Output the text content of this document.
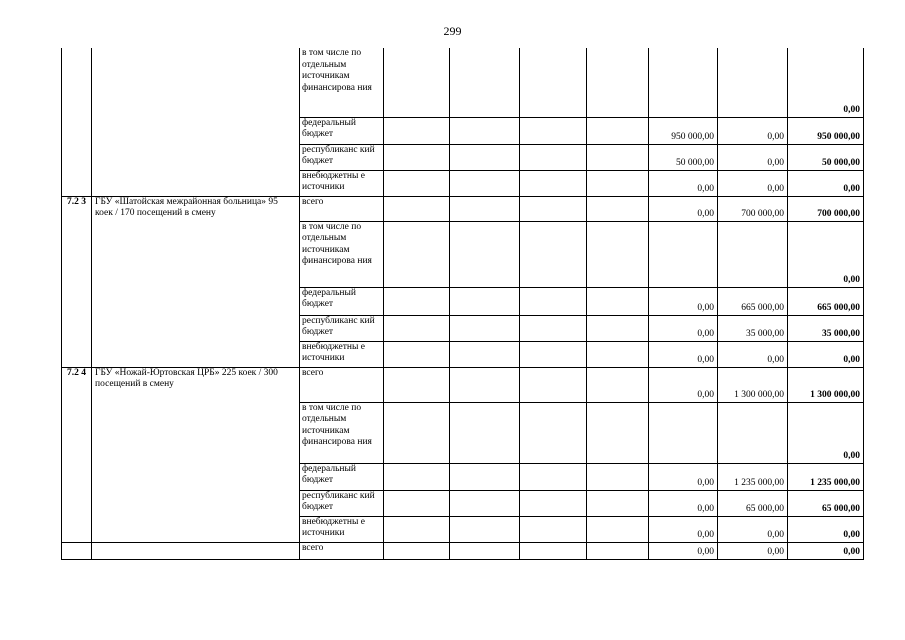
299
		в том числе по отдельным источникам финансирова ния							0,00
		федеральный бюджет					950 000,00	0,00	950 000,00
		республиканс кий бюджет					50 000,00	0,00	50 000,00
		внебюджетны е источники					0,00	0,00	0,00
7.2 3	ГБУ «Шатойская межрайонная больница» 95 коек / 170 посещений в смену	всего					0,00	700 000,00	700 000,00
		в том числе по отдельным источникам финансирова ния							0,00
		федеральный бюджет					0,00	665 000,00	665 000,00
		республиканс кий бюджет					0,00	35 000,00	35 000,00
		внебюджетны е источники					0,00	0,00	0,00
7.2 4	ГБУ «Ножай-Юртовская ЦРБ» 225 коек / 300 посещений в смену	всего					0,00	1 300 000,00	1 300 000,00
		в том числе по отдельным источникам финансирова ния							0,00
		федеральный бюджет					0,00	1 235 000,00	1 235 000,00
		республиканс кий бюджет					0,00	65 000,00	65 000,00
		внебюджетны е источники					0,00	0,00	0,00
		всего					0,00	0,00	0,00
